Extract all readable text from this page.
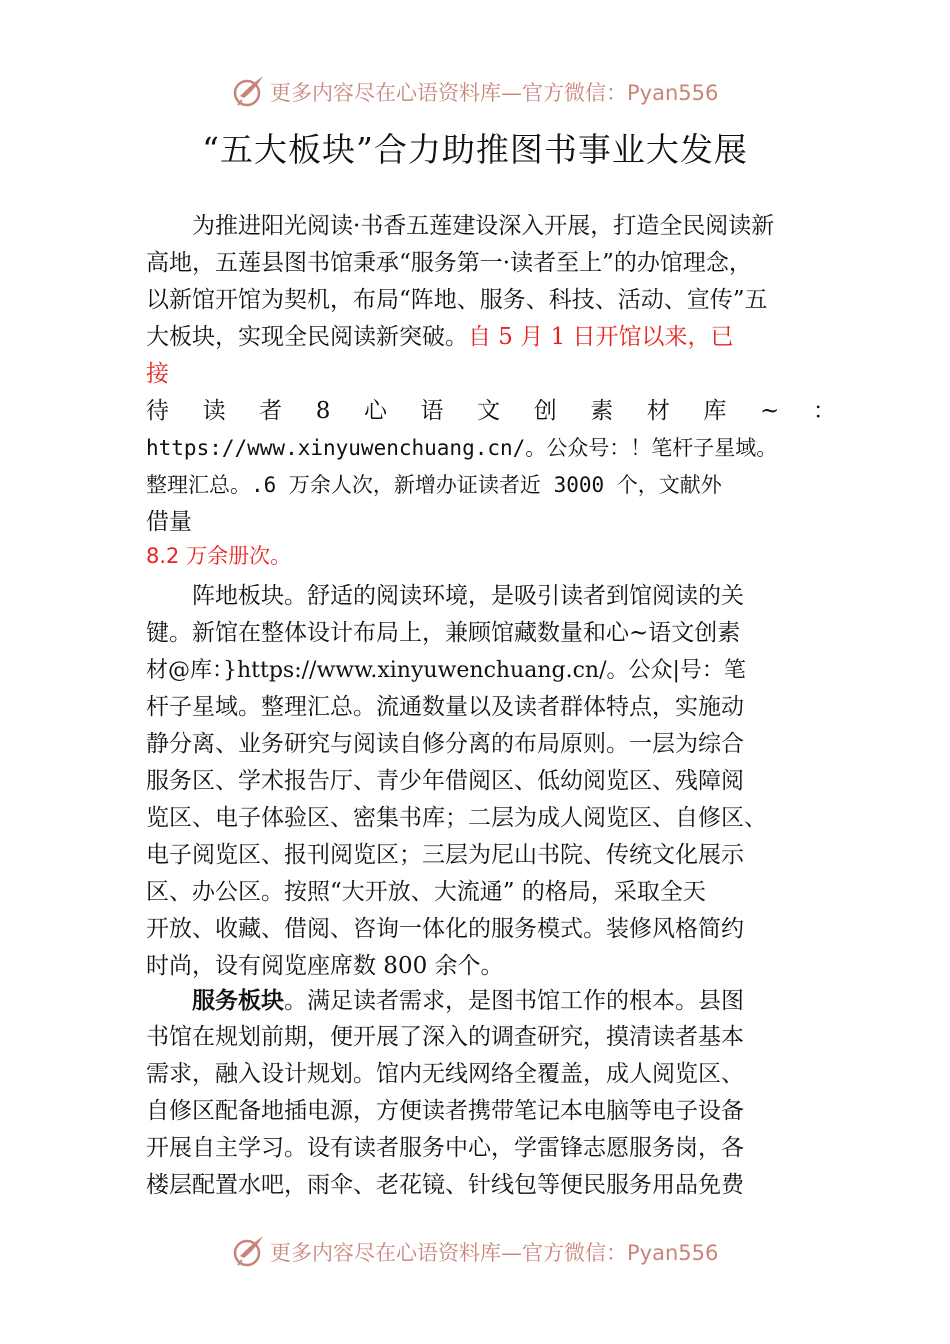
更多内容尽在心语资料库—官方微信：Pyan556
“五大板块”合力助推图书事业大发展
为推进阳光阅读·书香五莲建设深入开展，打造全民阅读新
高地，五莲县图书馆秉承“服务第一·读者至上”的办馆理念，
以新馆开馆为契机，布局“阵地、服务、科技、活动、宣传”五
大板块，实现全民阅读新突破。自 5 月 1 日开馆以来，已
接
待 读 者 8 心 语 文 创 素 材 库 ~ ：
https://www.xinyuwenchuang.cn/。公众号：！笔杆子星域。
整理汇总。.6 万余人次，新增办证读者近 3000 个，文献外
借量
8.2 万余册次。
阵地板块。舒适的阅读环境，是吸引读者到馆阅读的关
键。新馆在整体设计布局上，兼顾馆藏数量和心~语文创素
材@库：}https://www.xinyuwenchuang.cn/。公众|号：笔
杆子星域。整理汇总。流通数量以及读者群体特点，实施动
静分离、业务研究与阅读自修分离的布局原则。一层为综合
服务区、学术报告厅、青少年借阅区、低幼阅览区、残障阅
览区、电子体验区、密集书库；二层为成人阅览区、自修区、
电子阅览区、报刊阅览区；三层为尼山书院、传统文化展示
区、办公区。按照“大开放、大流通” 的格局，采取全天
开放、收藏、借阅、咨询一体化的服务模式。装修风格简约
时尚，设有阅览座席数 800 余个。
服务板块。满足读者需求，是图书馆工作的根本。县图
书馆在规划前期，便开展了深入的调查研究，摸清读者基本
需求，融入设计规划。馆内无线网络全覆盖，成人阅览区、
自修区配备地插电源，方便读者携带笔记本电脑等电子设备
开展自主学习。设有读者服务中心，学雷锋志愿服务岗，各
楼层配置水吧，雨伞、老花镜、针线包等便民服务用品免费
更多内容尽在心语资料库—官方微信：Pyan556
